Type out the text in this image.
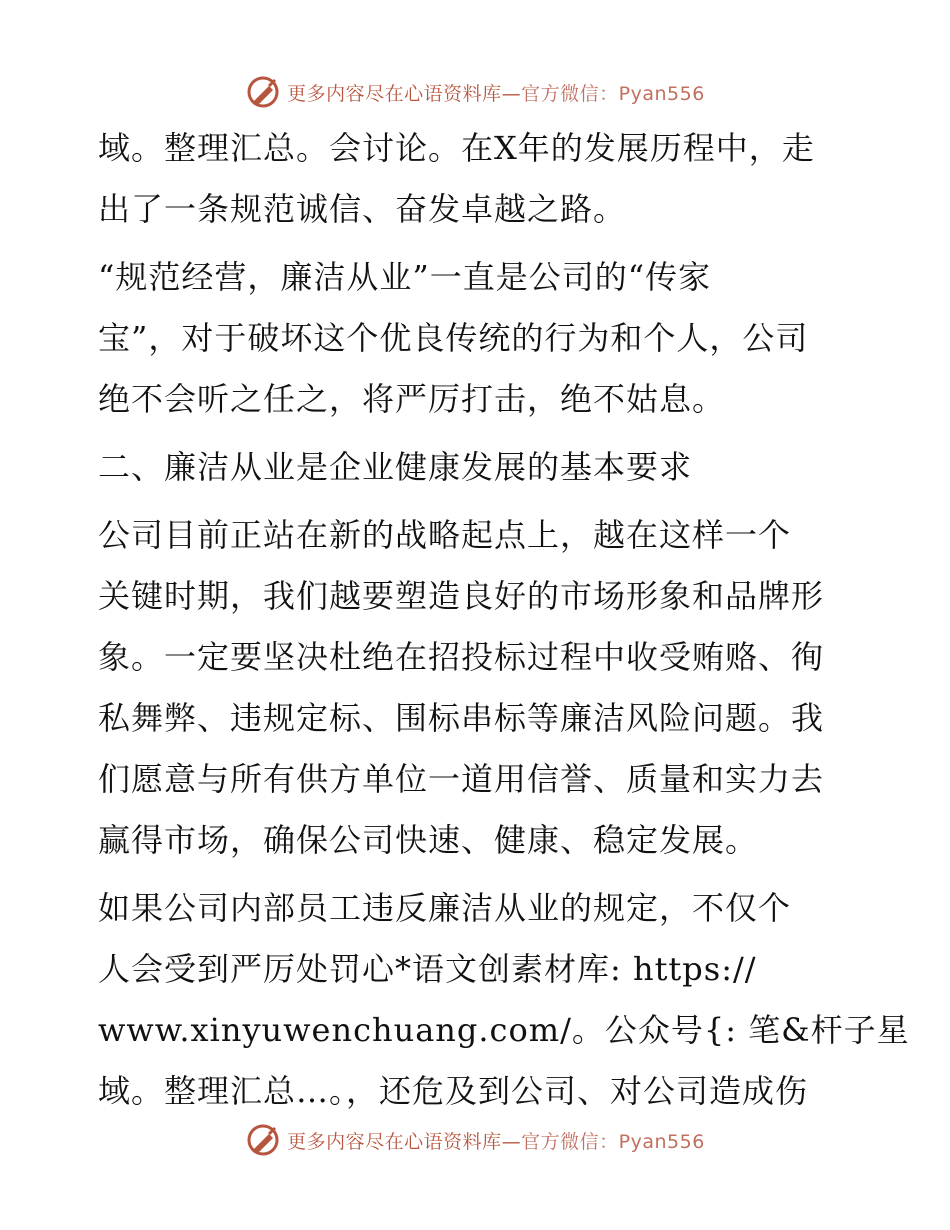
更多内容尽在心语资料库—官方微信：Pyan556
域。整理汇总。会讨论。在X年的发展历程中，走
出了一条规范诚信、奋发卓越之路。
“规范经营，廉洁从业”一直是公司的“传家
宝”，对于破坏这个优良传统的行为和个人，公司
绝不会听之任之，将严厉打击，绝不姑息。
二、廉洁从业是企业健康发展的基本要求
公司目前正站在新的战略起点上，越在这样一个
关键时期，我们越要塑造良好的市场形象和品牌形
象。一定要坚决杜绝在招投标过程中收受贿赂、徇
私舞弊、违规定标、围标串标等廉洁风险问题。我
们愿意与所有供方单位一道用信誉、质量和实力去
赢得市场，确保公司快速、健康、稳定发展。
如果公司内部员工违反廉洁从业的规定，不仅个
人会受到严厉处罚心*语文创素材库: https://
www.xinyuwenchuang.com/。公众号{: 笔&杆子星
域。整理汇总…。，还危及到公司、对公司造成伤
更多内容尽在心语资料库—官方微信：Pyan556
